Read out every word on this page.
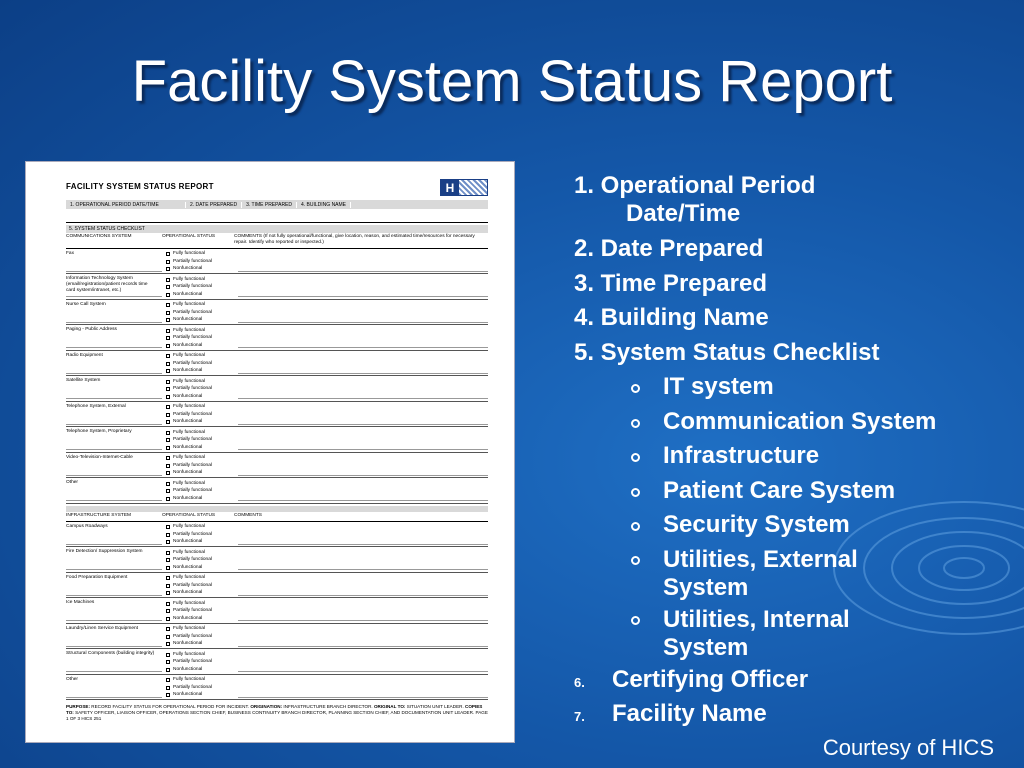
Facility System Status Report
FACILITY SYSTEM STATUS REPORT	H
1. OPERATIONAL PERIOD DATE/TIME	2. DATE PREPARED	3. TIME PREPARED	4. BUILDING NAME
5. SYSTEM STATUS CHECKLIST
COMMUNICATIONS SYSTEM	OPERATIONAL STATUS	COMMENTS (If not fully operational/functional, give location, reason, and estimated time/resources for necessary repair. Identify who reported or inspected.)
Fax	Fully functional
Partially functional
Nonfunctional
Information Technology System (email/registration/patient records time card system/intranet, etc.)
Fully functional
Partially functional
Nonfunctional
Nurse Call System	Fully functional
Partially functional
Nonfunctional
Paging - Public Address	Fully functional
Partially functional
Nonfunctional
Radio Equipment	Fully functional
Partially functional
Nonfunctional
Satellite System	Fully functional
Partially functional
Nonfunctional
Telephone System, External	Fully functional
Partially functional
Nonfunctional
Telephone System, Proprietary	Fully functional
Partially functional
Nonfunctional
Video-Television-Internet-Cable	Fully functional
Partially functional
Nonfunctional
Other	Fully functional
Partially functional
Nonfunctional
INFRASTRUCTURE SYSTEM	OPERATIONAL STATUS	COMMENTS
Campus Roadways	Fully functional
Partially functional
Nonfunctional
Fire Detection/ Suppression System	Fully functional
Partially functional
Nonfunctional
Food Preparation Equipment	Fully functional
Partially functional
Nonfunctional
Ice Machines	Fully functional
Partially functional
Nonfunctional
Laundry/Linen Service Equipment	Fully functional
Partially functional
Nonfunctional
Structural Components (building integrity)	Fully functional
Partially functional
Nonfunctional
Other	Fully functional
Partially functional
Nonfunctional
PURPOSE: RECORD FACILITY STATUS FOR OPERATIONAL PERIOD FOR INCIDENT. ORIGINATION: INFRASTRUCTURE BRANCH DIRECTOR. ORIGINAL TO: SITUATION UNIT LEADER. COPIES TO: SAFETY OFFICER, LIAISON OFFICER, OPERATIONS SECTION CHIEF, BUSINESS CONTINUITY BRANCH DIRECTOR, PLANNING SECTION CHIEF, AND DOCUMENTATION UNIT LEADER. PAGE 1 OF 3 HICS 251
1. Operational Period
Date/Time
2. Date Prepared
3. Time Prepared
4. Building Name
5. System Status Checklist
IT system
Communication System
Infrastructure
Patient Care System
Security System
Utilities, External
System
Utilities, Internal
System
6. Certifying Officer
7. Facility Name
Courtesy of HICS
